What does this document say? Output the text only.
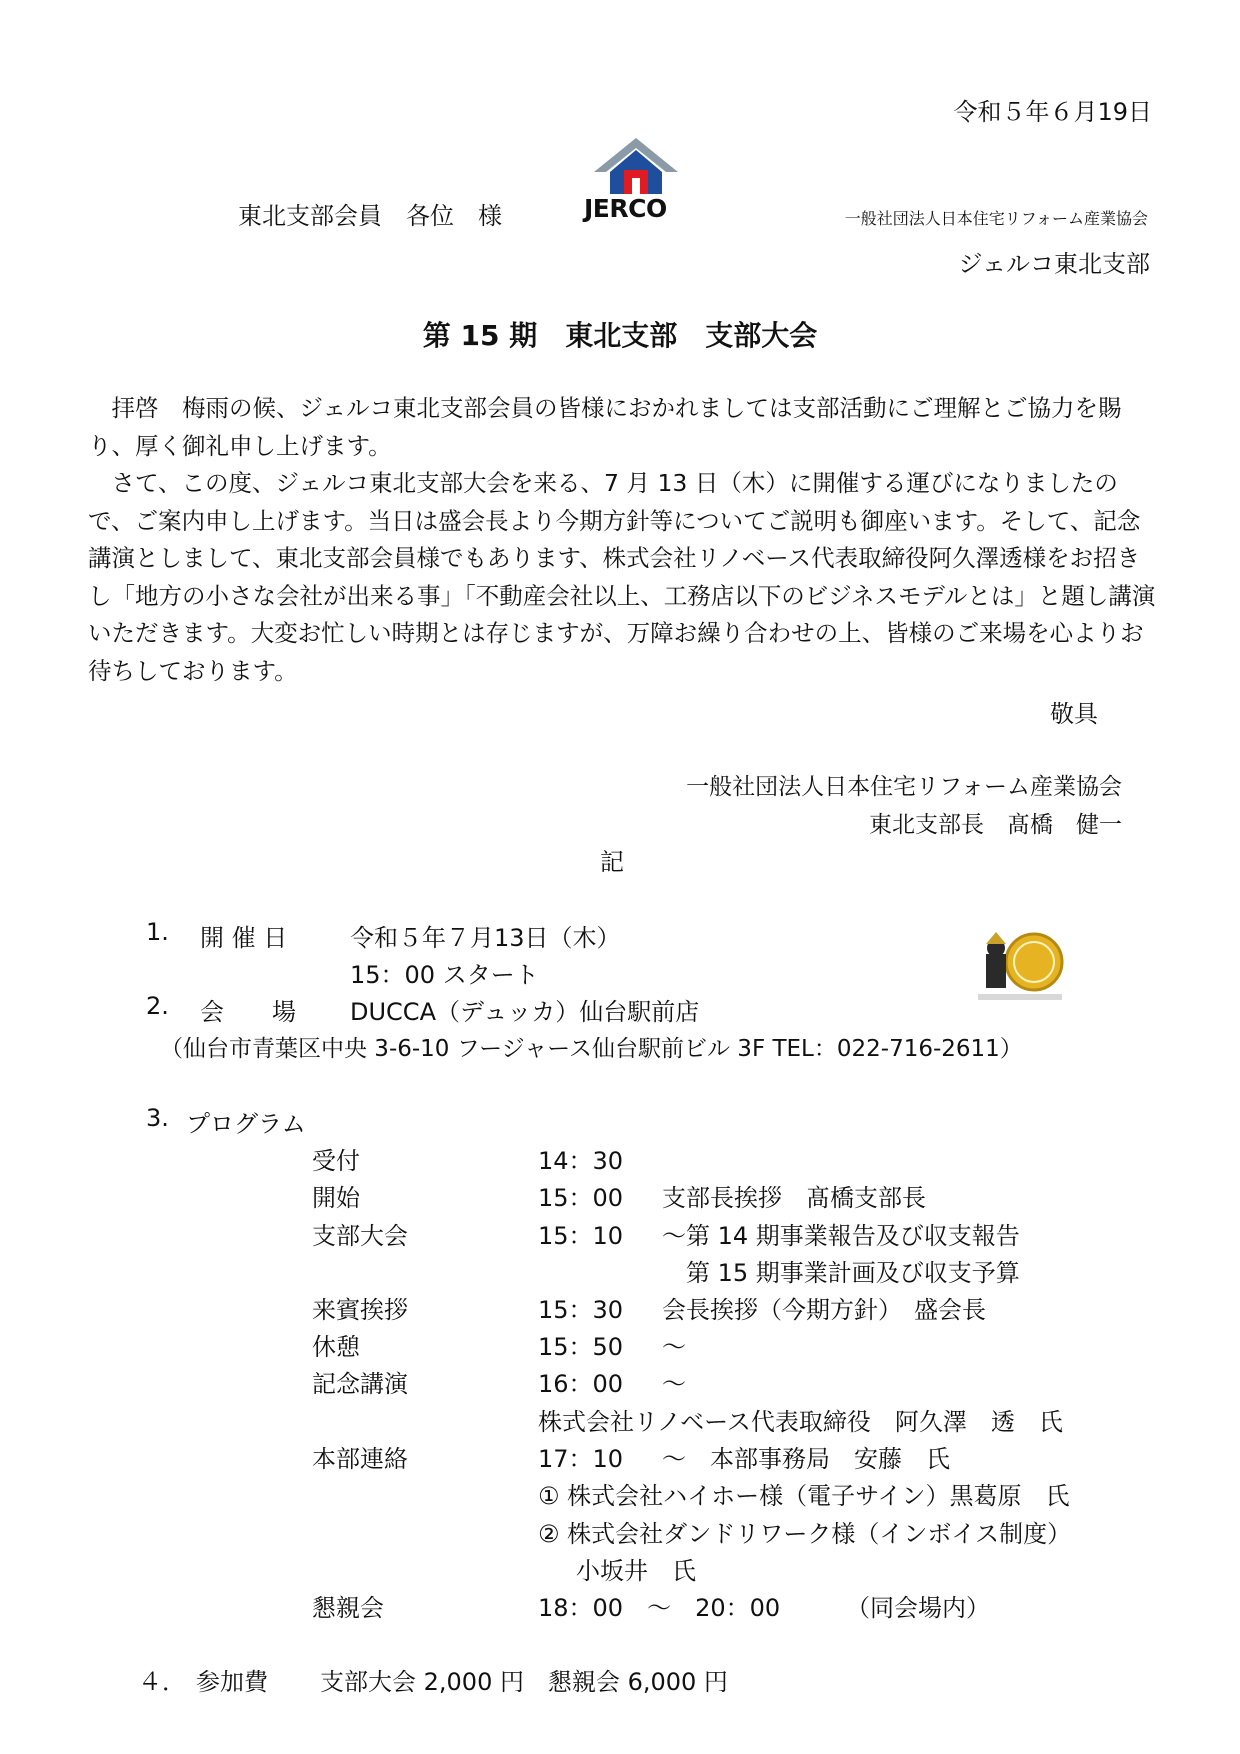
令和５年６月19日
東北支部会員　各位　様	JERCO	一般社団法人日本住宅リフォーム産業協会
ジェルコ東北支部
第 15 期　東北支部　支部大会

　拝啓　梅雨の候、ジェルコ東北支部会員の皆様におかれましては支部活動にご理解とご協力を賜り、厚く御礼申し上げます。

　さて、この度、ジェルコ東北支部大会を来る、7 月 13 日（木）に開催する運びになりましたので、ご案内申し上げます。当日は盛会長より今期方針等についてご説明も御座います。そして、記念講演としまして、東北支部会員様でもあります、株式会社リノベース代表取締役阿久澤透様をお招きし「地方の小さな会社が出来る事」「不動産会社以上、工務店以下のビジネスモデルとは」と題し講演いただきます。大変お忙しい時期とは存じますが、万障お繰り合わせの上、皆様のご来場を心よりお待ちしております。

敬具
一般社団法人日本住宅リフォーム産業協会
東北支部長　髙橋　健一
記
1. 開 催 日	令和５年７月13日（木）
15：00 スタート
2. 会　　場 DUCCA（デュッカ）仙台駅前店
（仙台市青葉区中央 3-6-10 フージャース仙台駅前ビル 3F TEL：022-716-2611）
3. プログラム
受付	14：30
開始	15：00 支部長挨拶　髙橋支部長
支部大会	15：10 ～第 14 期事業報告及び収支報告
第 15 期事業計画及び収支予算
来賓挨拶	15：30 会長挨拶（今期方針）　盛会長
休憩	15：50 ～
記念講演	16：00 ～
株式会社リノベース代表取締役　阿久澤　透　氏
本部連絡	17：10 ～　本部事務局　安藤　氏
① 株式会社ハイホー様（電子サイン）黒葛原　氏
② 株式会社ダンドリワーク様（インボイス制度）
小坂井　氏
懇親会	18：00　～　20：00	（同会場内）
４． 参加費 支部大会 2,000 円　懇親会 6,000 円
